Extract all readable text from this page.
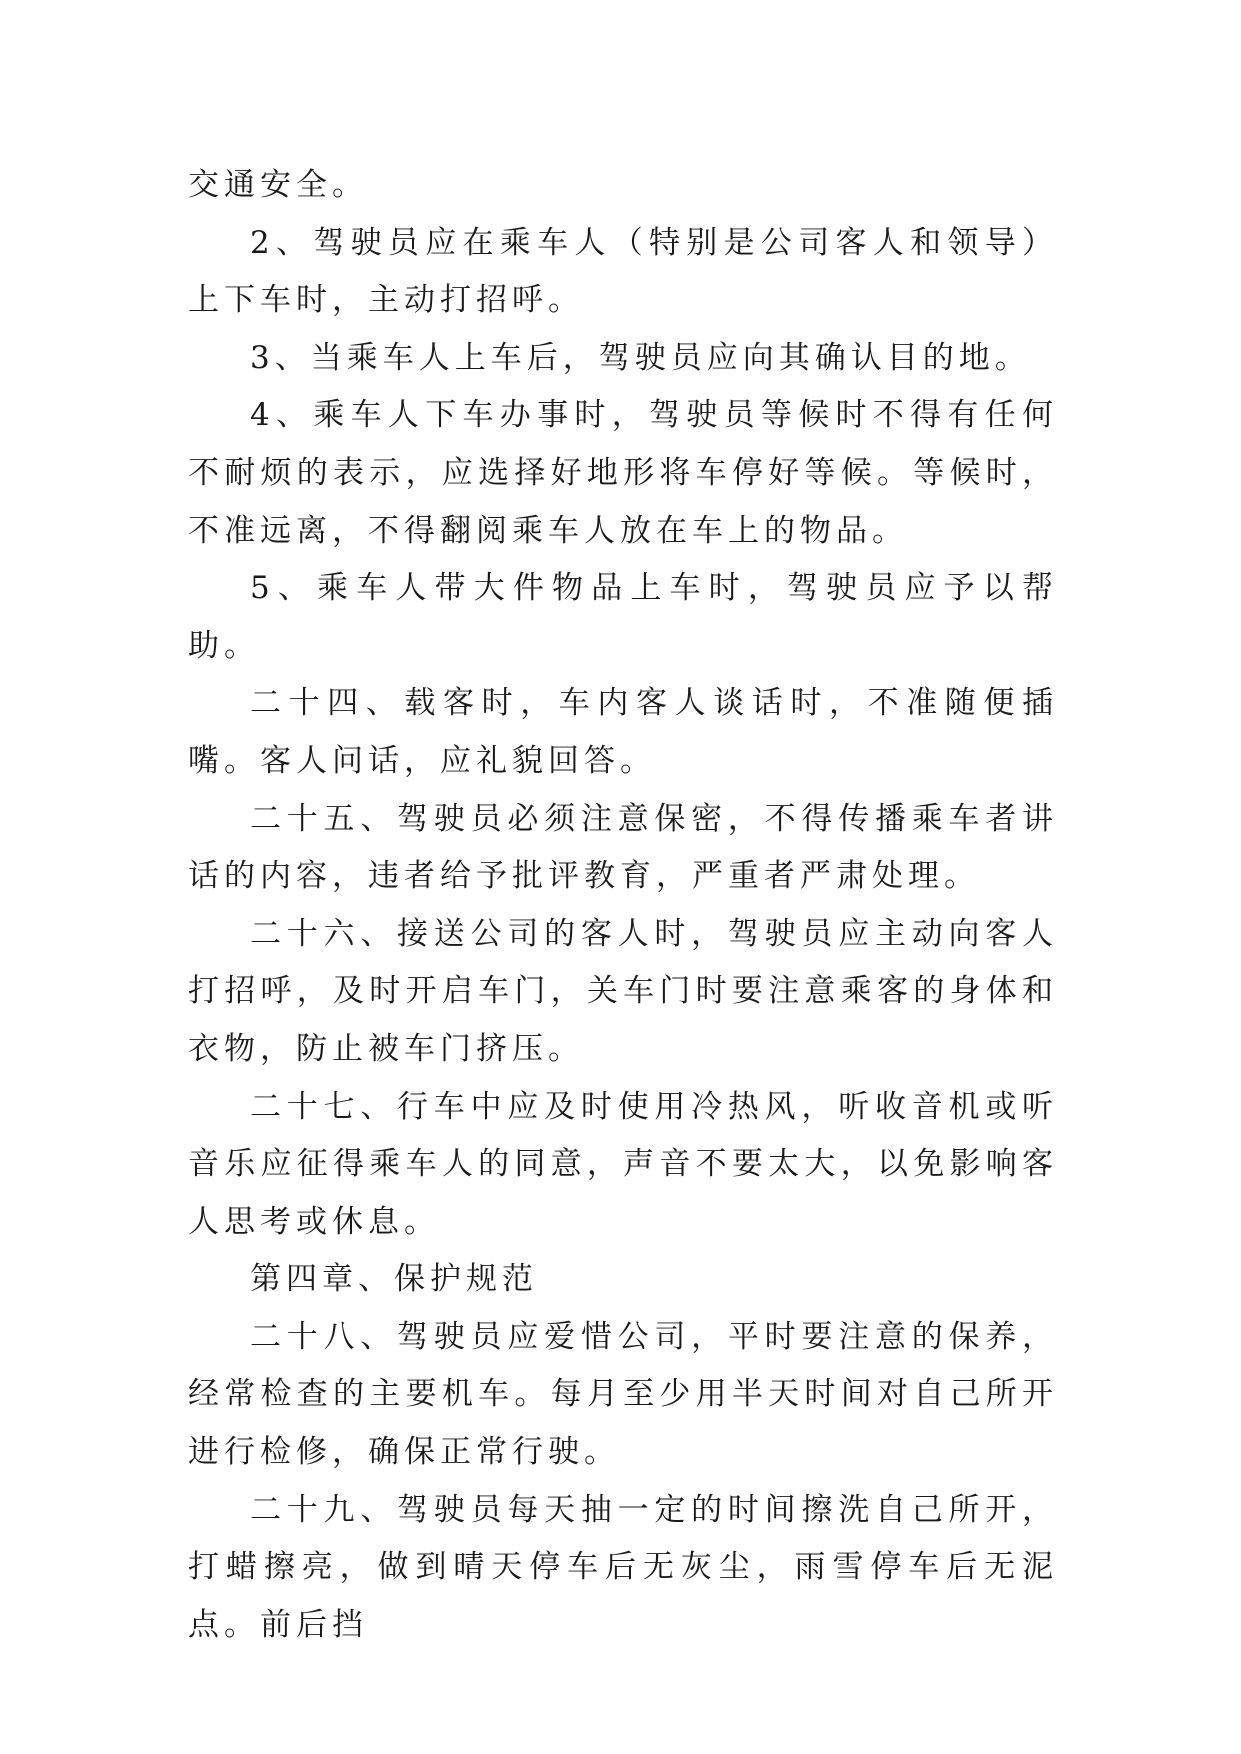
交通安全。

2、驾驶员应在乘车人（特别是公司客人和领导）上下车时，主动打招呼。

3、当乘车人上车后，驾驶员应向其确认目的地。

4、乘车人下车办事时，驾驶员等候时不得有任何不耐烦的表示，应选择好地形将车停好等候。等候时，不准远离，不得翻阅乘车人放在车上的物品。

5、乘车人带大件物品上车时，驾驶员应予以帮助。

二十四、载客时，车内客人谈话时，不准随便插嘴。客人问话，应礼貌回答。

二十五、驾驶员必须注意保密，不得传播乘车者讲话的内容，违者给予批评教育，严重者严肃处理。

二十六、接送公司的客人时，驾驶员应主动向客人打招呼，及时开启车门，关车门时要注意乘客的身体和衣物，防止被车门挤压。

二十七、行车中应及时使用冷热风，听收音机或听音乐应征得乘车人的同意，声音不要太大，以免影响客人思考或休息。

第四章、保护规范

二十八、驾驶员应爱惜公司，平时要注意的保养，经常检查的主要机车。每月至少用半天时间对自己所开进行检修，确保正常行驶。

二十九、驾驶员每天抽一定的时间擦洗自己所开，打蜡擦亮，做到晴天停车后无灰尘，雨雪停车后无泥点。前后挡
